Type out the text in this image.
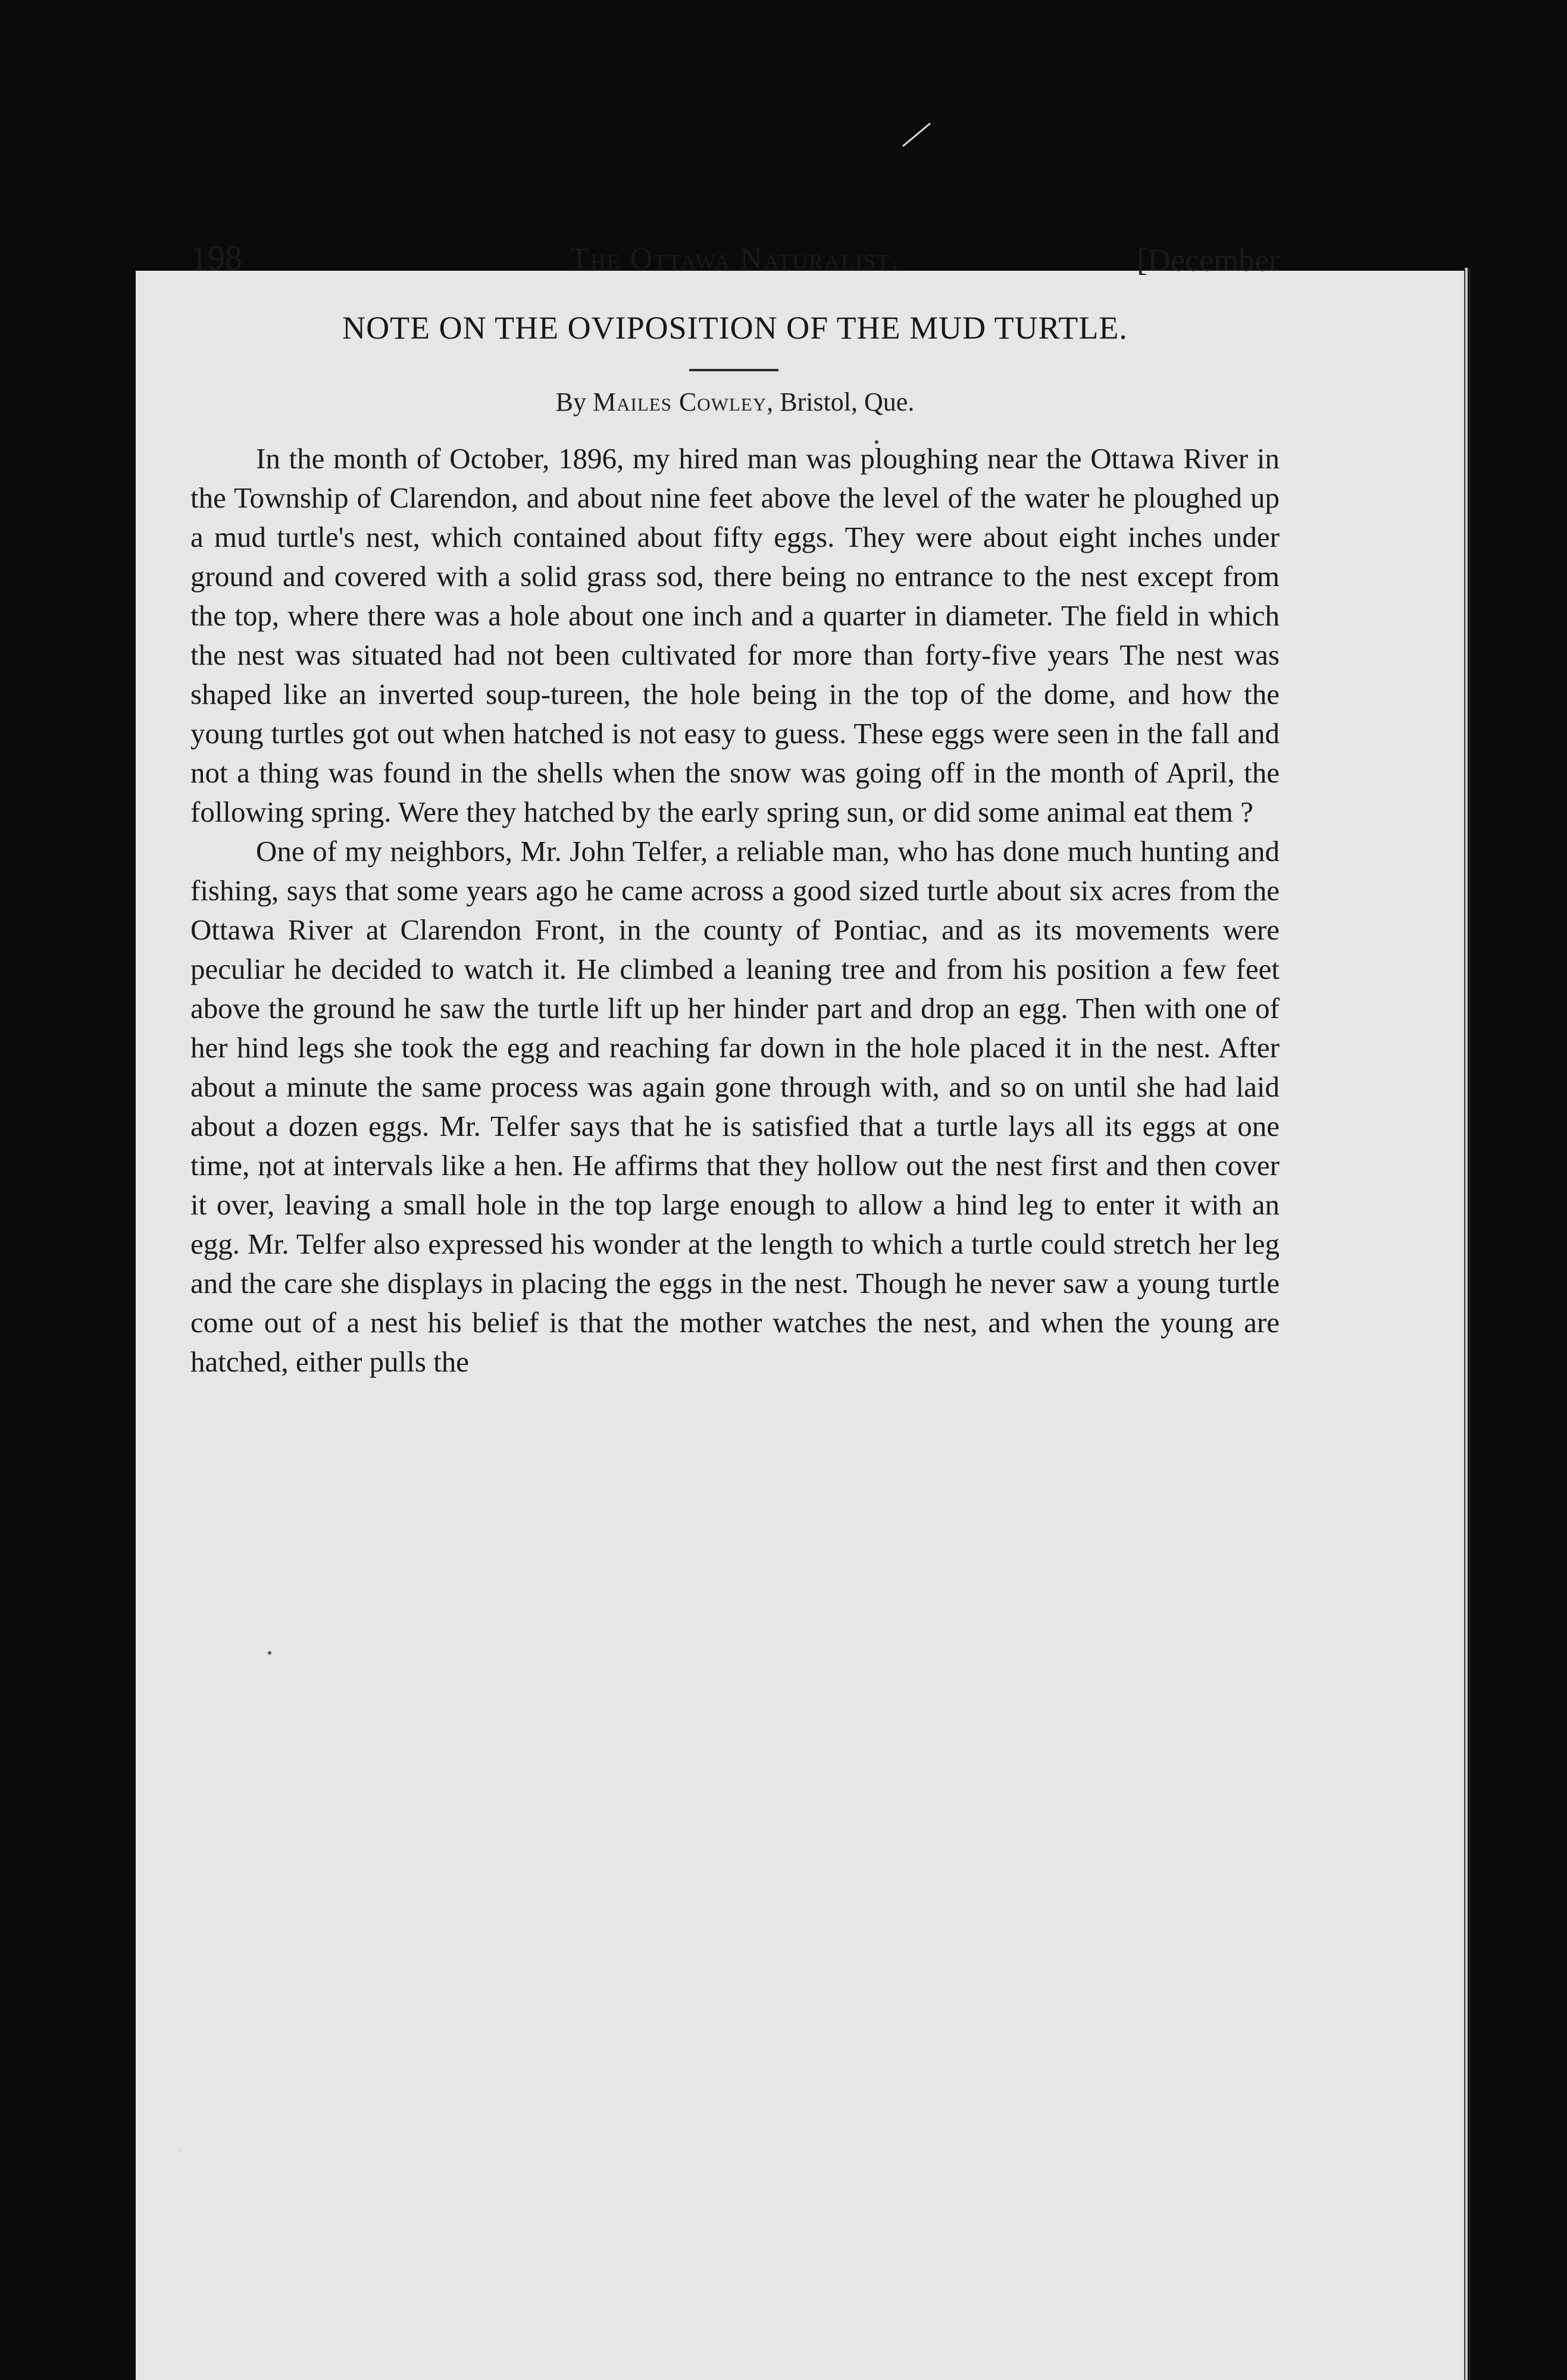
198	The Ottawa Naturalist.	[December
NOTE ON THE OVIPOSITION OF THE MUD TURTLE.
By Mailes Cowley, Bristol, Que.

In the month of October, 1896, my hired man was ploughing near the Ottawa River in the Township of Clarendon, and about nine feet above the level of the water he ploughed up a mud turtle's nest, which contained about fifty eggs. They were about eight inches under ground and covered with a solid grass sod, there being no entrance to the nest except from the top, where there was a hole about one inch and a quarter in diameter. The field in which the nest was situated had not been cultivated for more than forty-five years The nest was shaped like an inverted soup-tureen, the hole being in the top of the dome, and how the young turtles got out when hatched is not easy to guess. These eggs were seen in the fall and not a thing was found in the shells when the snow was going off in the month of April, the following spring. Were they hatched by the early spring sun, or did some animal eat them ?

One of my neighbors, Mr. John Telfer, a reliable man, who has done much hunting and fishing, says that some years ago he came across a good sized turtle about six acres from the Ottawa River at Clarendon Front, in the county of Pontiac, and as its movements were peculiar he decided to watch it. He climbed a leaning tree and from his position a few feet above the ground he saw the turtle lift up her hinder part and drop an egg. Then with one of her hind legs she took the egg and reaching far down in the hole placed it in the nest. After about a minute the same process was again gone through with, and so on until she had laid about a dozen eggs. Mr. Telfer says that he is satisfied that a turtle lays all its eggs at one time, not at intervals like a hen. He affirms that they hollow out the nest first and then cover it over, leaving a small hole in the top large enough to allow a hind leg to enter it with an egg. Mr. Telfer also expressed his wonder at the length to which a turtle could stretch her leg and the care she displays in placing the eggs in the nest. Though he never saw a young turtle come out of a nest his belief is that the mother watches the nest, and when the young are hatched, either pulls the
